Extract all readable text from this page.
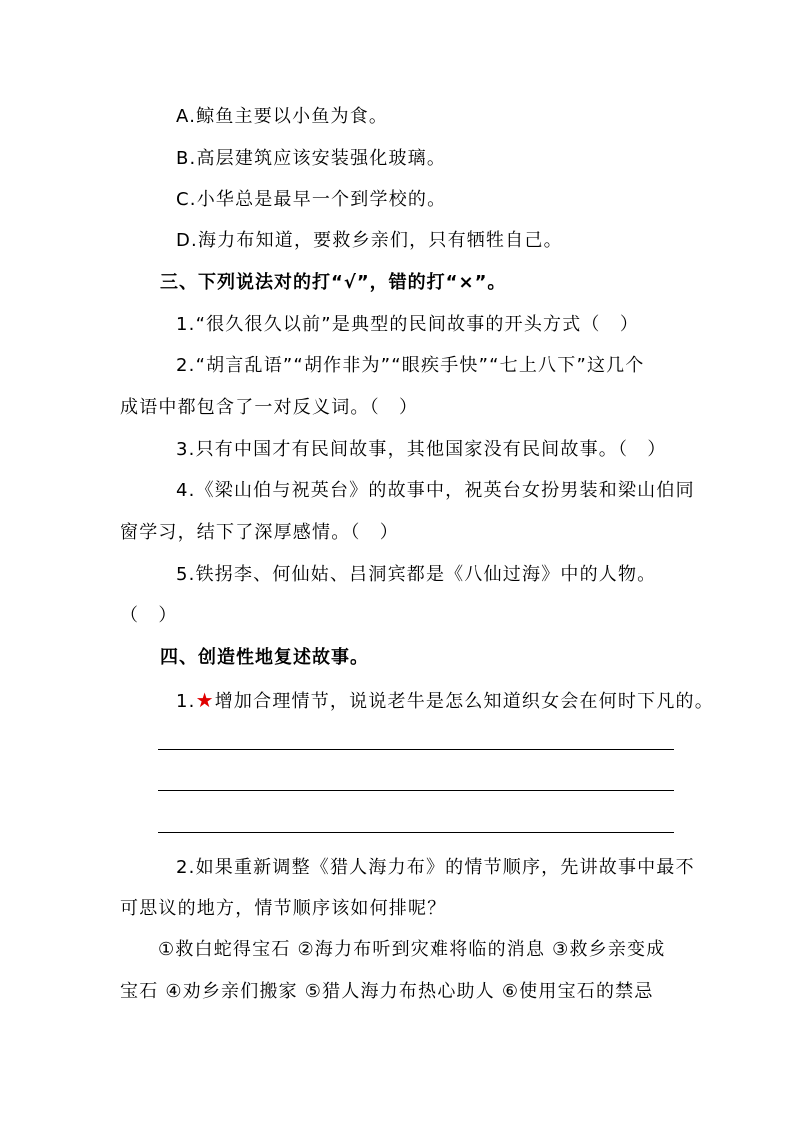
A.鲸鱼主要以小鱼为食。
B.高层建筑应该安装强化玻璃。
C.小华总是最早一个到学校的。
D.海力布知道，要救乡亲们，只有牺牲自己。
三、下列说法对的打“√”，错的打“×”。
1.“很久很久以前”是典型的民间故事的开头方式（　）
2.“胡言乱语”“胡作非为”“眼疾手快”“七上八下”这几个
成语中都包含了一对反义词。（　）
3.只有中国才有民间故事，其他国家没有民间故事。（　）
4.《梁山伯与祝英台》的故事中，祝英台女扮男装和梁山伯同
窗学习，结下了深厚感情。（　）
5.铁拐李、何仙姑、吕洞宾都是《八仙过海》中的人物。
（　）
四、创造性地复述故事。
1.★增加合理情节，说说老牛是怎么知道织女会在何时下凡的。
2.如果重新调整《猎人海力布》的情节顺序，先讲故事中最不
可思议的地方，情节顺序该如何排呢？
①救白蛇得宝石 ②海力布听到灾难将临的消息 ③救乡亲变成
宝石 ④劝乡亲们搬家 ⑤猎人海力布热心助人 ⑥使用宝石的禁忌
